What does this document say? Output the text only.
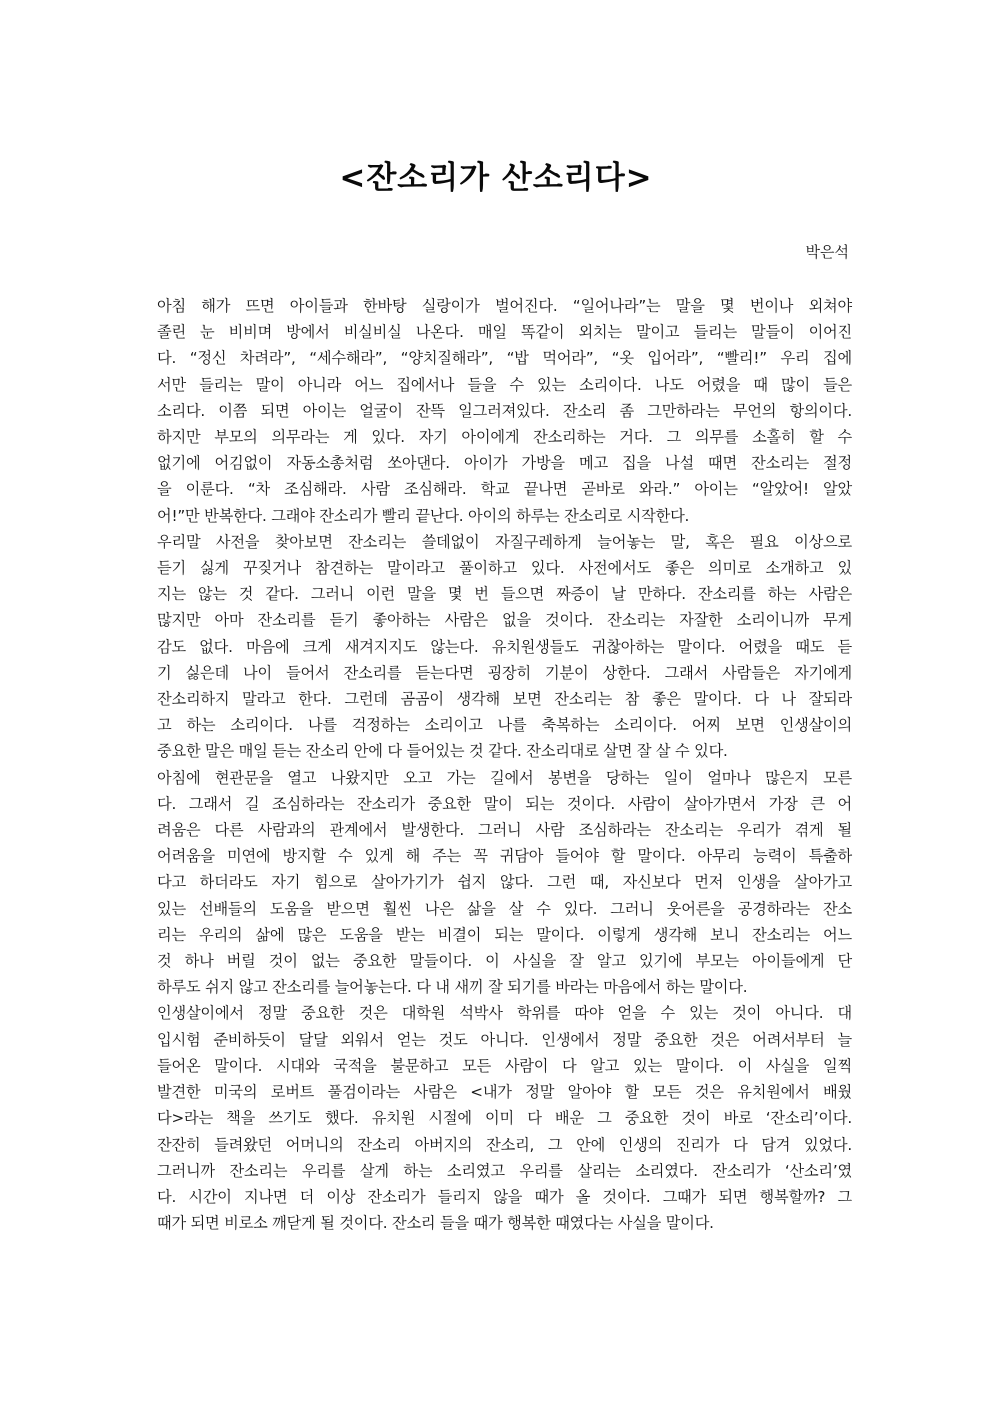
<잔소리가 산소리다>
박은석
아침 해가 뜨면 아이들과 한바탕 실랑이가 벌어진다. “일어나라”는 말을 몇 번이나 외쳐야
졸린 눈 비비며 방에서 비실비실 나온다. 매일 똑같이 외치는 말이고 들리는 말들이 이어진
다. “정신 차려라”, “세수해라”, “양치질해라”, “밥 먹어라”, “옷 입어라”, “빨리!” 우리 집에
서만 들리는 말이 아니라 어느 집에서나 들을 수 있는 소리이다. 나도 어렸을 때 많이 들은
소리다. 이쯤 되면 아이는 얼굴이 잔뜩 일그러져있다. 잔소리 좀 그만하라는 무언의 항의이다.
하지만 부모의 의무라는 게 있다. 자기 아이에게 잔소리하는 거다. 그 의무를 소홀히 할 수
없기에 어김없이 자동소총처럼 쏘아댄다. 아이가 가방을 메고 집을 나설 때면 잔소리는 절정
을 이룬다. “차 조심해라. 사람 조심해라. 학교 끝나면 곧바로 와라.” 아이는 “알았어! 알았
어!”만 반복한다. 그래야 잔소리가 빨리 끝난다. 아이의 하루는 잔소리로 시작한다.
우리말 사전을 찾아보면 잔소리는 쓸데없이 자질구레하게 늘어놓는 말, 혹은 필요 이상으로
듣기 싫게 꾸짖거나 참견하는 말이라고 풀이하고 있다. 사전에서도 좋은 의미로 소개하고 있
지는 않는 것 같다. 그러니 이런 말을 몇 번 들으면 짜증이 날 만하다. 잔소리를 하는 사람은
많지만 아마 잔소리를 듣기 좋아하는 사람은 없을 것이다. 잔소리는 자잘한 소리이니까 무게
감도 없다. 마음에 크게 새겨지지도 않는다. 유치원생들도 귀찮아하는 말이다. 어렸을 때도 듣
기 싫은데 나이 들어서 잔소리를 듣는다면 굉장히 기분이 상한다. 그래서 사람들은 자기에게
잔소리하지 말라고 한다. 그런데 곰곰이 생각해 보면 잔소리는 참 좋은 말이다. 다 나 잘되라
고 하는 소리이다. 나를 걱정하는 소리이고 나를 축복하는 소리이다. 어찌 보면 인생살이의
중요한 말은 매일 듣는 잔소리 안에 다 들어있는 것 같다. 잔소리대로 살면 잘 살 수 있다.
아침에 현관문을 열고 나왔지만 오고 가는 길에서 봉변을 당하는 일이 얼마나 많은지 모른
다. 그래서 길 조심하라는 잔소리가 중요한 말이 되는 것이다. 사람이 살아가면서 가장 큰 어
려움은 다른 사람과의 관계에서 발생한다. 그러니 사람 조심하라는 잔소리는 우리가 겪게 될
어려움을 미연에 방지할 수 있게 해 주는 꼭 귀담아 들어야 할 말이다. 아무리 능력이 특출하
다고 하더라도 자기 힘으로 살아가기가 쉽지 않다. 그런 때, 자신보다 먼저 인생을 살아가고
있는 선배들의 도움을 받으면 훨씬 나은 삶을 살 수 있다. 그러니 웃어른을 공경하라는 잔소
리는 우리의 삶에 많은 도움을 받는 비결이 되는 말이다. 이렇게 생각해 보니 잔소리는 어느
것 하나 버릴 것이 없는 중요한 말들이다. 이 사실을 잘 알고 있기에 부모는 아이들에게 단
하루도 쉬지 않고 잔소리를 늘어놓는다. 다 내 새끼 잘 되기를 바라는 마음에서 하는 말이다.
인생살이에서 정말 중요한 것은 대학원 석박사 학위를 따야 얻을 수 있는 것이 아니다. 대
입시험 준비하듯이 달달 외워서 얻는 것도 아니다. 인생에서 정말 중요한 것은 어려서부터 늘
들어온 말이다. 시대와 국적을 불문하고 모든 사람이 다 알고 있는 말이다. 이 사실을 일찍
발견한 미국의 로버트 풀검이라는 사람은 <내가 정말 알아야 할 모든 것은 유치원에서 배웠
다>라는 책을 쓰기도 했다. 유치원 시절에 이미 다 배운 그 중요한 것이 바로 ‘잔소리’이다.
잔잔히 들려왔던 어머니의 잔소리 아버지의 잔소리, 그 안에 인생의 진리가 다 담겨 있었다.
그러니까 잔소리는 우리를 살게 하는 소리였고 우리를 살리는 소리였다. 잔소리가 ‘산소리’였
다. 시간이 지나면 더 이상 잔소리가 들리지 않을 때가 올 것이다. 그때가 되면 행복할까? 그
때가 되면 비로소 깨닫게 될 것이다. 잔소리 들을 때가 행복한 때였다는 사실을 말이다.
